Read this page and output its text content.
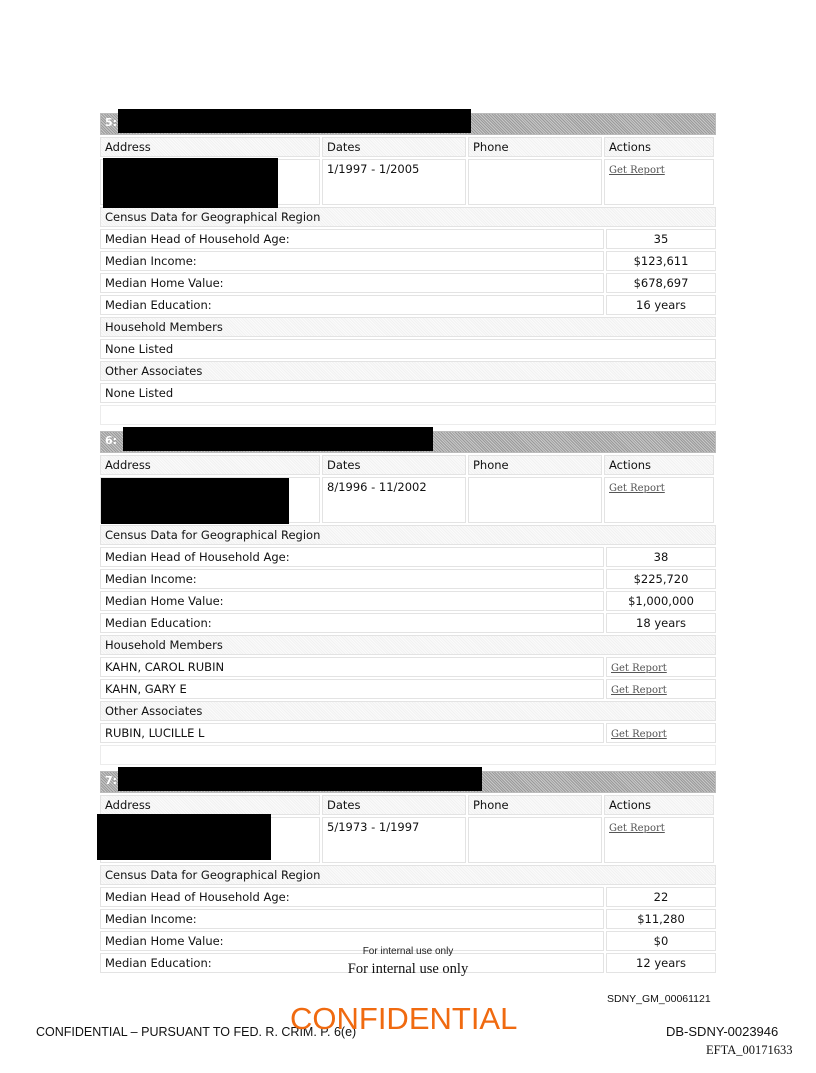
5:
Address	Dates	Phone	Actions
1/1997 - 1/2005	Get Report
Census Data for Geographical Region
Median Head of Household Age:	35
Median Income:	$123,611
Median Home Value:	$678,697
Median Education:	16 years
Household Members
None Listed
Other Associates
None Listed
6:
Address	Dates	Phone	Actions
8/1996 - 11/2002	Get Report
Census Data for Geographical Region
Median Head of Household Age:	38
Median Income:	$225,720
Median Home Value:	$1,000,000
Median Education:	18 years
Household Members
KAHN, CAROL RUBIN	Get Report
KAHN, GARY E	Get Report
Other Associates
RUBIN, LUCILLE L	Get Report
7:
Address	Dates	Phone	Actions
5/1973 - 1/1997	Get Report
Census Data for Geographical Region
Median Head of Household Age:	22
Median Income:	$11,280
Median Home Value:	$0
Median Education:	12 years
For internal use only
For internal use only
SDNY_GM_00061121
CONFIDENTIAL – PURSUANT TO FED. R. CRIM. P. 6(e)
CONFIDENTIAL	DB-SDNY-0023946
EFTA_00171633
